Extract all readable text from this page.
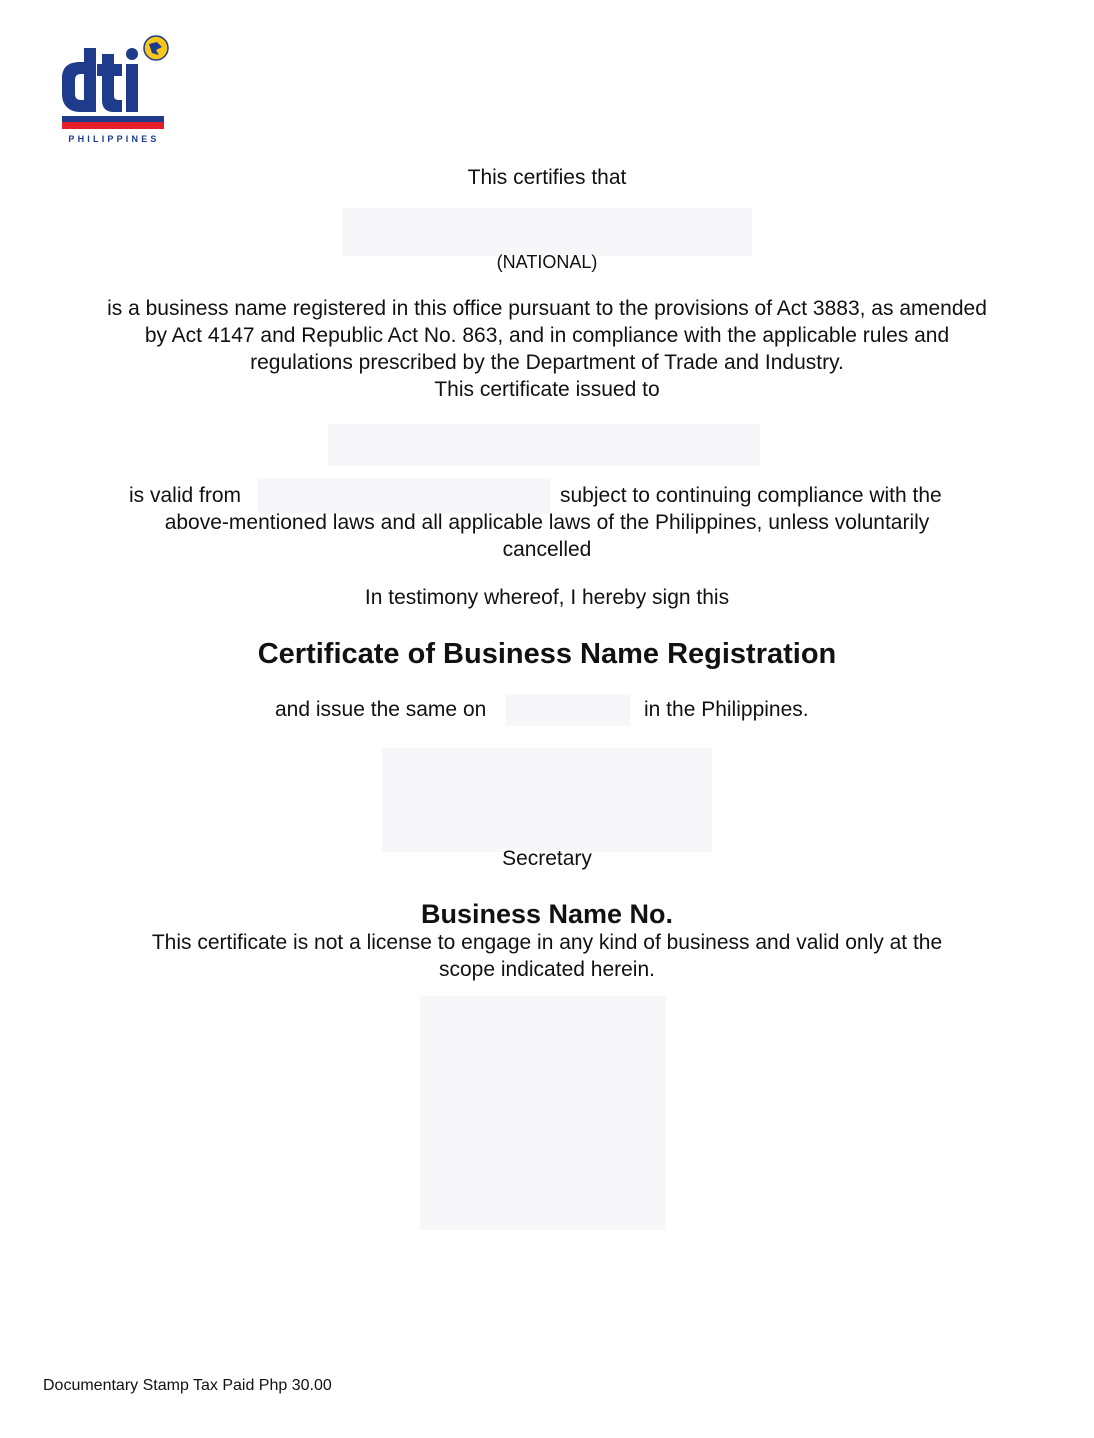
PHILIPPINES

This certifies that

(NATIONAL)

is a business name registered in this office pursuant to the provisions of Act 3883, as amended

by Act 4147 and Republic Act No. 863, and in compliance with the applicable rules and

regulations prescribed by the Department of Trade and Industry.

This certificate issued to

is valid from	subject to continuing compliance with the

above-mentioned laws and all applicable laws of the Philippines, unless voluntarily

cancelled

In testimony whereof, I hereby sign this

Certificate of Business Name Registration
and issue the same on	in the Philippines.

Secretary

Business Name No.

This certificate is not a license to engage in any kind of business and valid only at the

scope indicated herein.

Documentary Stamp Tax Paid Php 30.00
